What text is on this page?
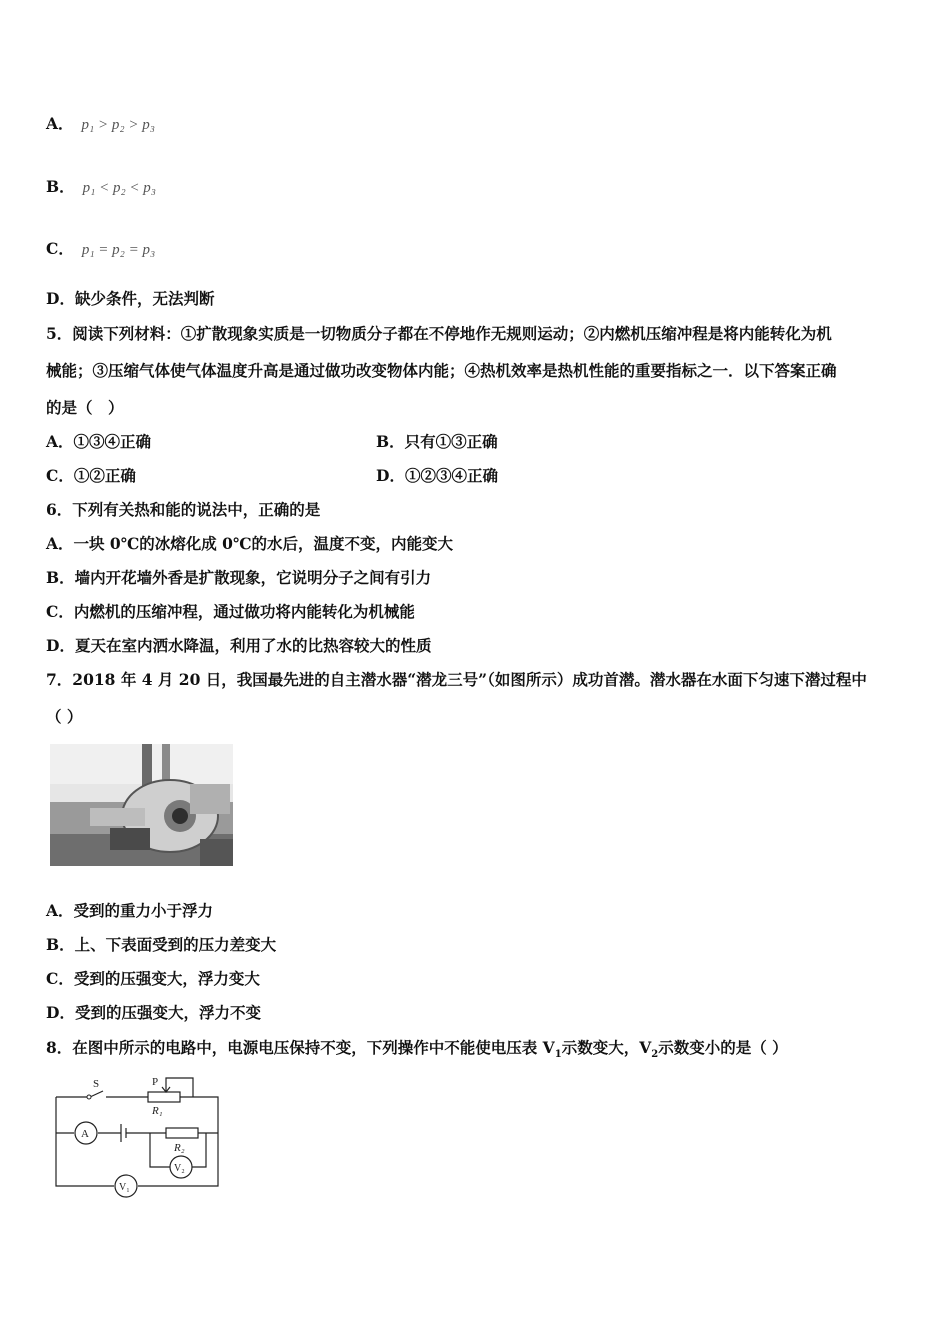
A． p₁ > p₂ > p₃
B． p₁ < p₂ < p₃
C． p₁ = p₂ = p₃
D．缺少条件，无法判断
5．阅读下列材料：①扩散现象实质是一切物质分子都在不停地作无规则运动；②内燃机压缩冲程是将内能转化为机
械能；③压缩气体使气体温度升高是通过做功改变物体内能；④热机效率是热机性能的重要指标之一．以下答案正确
的是（　）
A．①③④正确	B．只有①③正确
C．①②正确	D．①②③④正确
6．下列有关热和能的说法中，正确的是
A．一块 0℃的冰熔化成 0℃的水后，温度不变，内能变大
B．墙内开花墙外香是扩散现象，它说明分子之间有引力
C．内燃机的压缩冲程，通过做功将内能转化为机械能
D．夏天在室内洒水降温，利用了水的比热容较大的性质
7．2018 年 4 月 20 日，我国最先进的自主潜水器“潜龙三号”（如图所示）成功首潜。潜水器在水面下匀速下潜过程中
（ ）
A．受到的重力小于浮力
B．上、下表面受到的压力差变大
C．受到的压强变大，浮力变大
D．受到的压强变大，浮力不变
8．在图中所示的电路中，电源电压保持不变，下列操作中不能使电压表 $V_1$示数变大，$V_2$示数变小的是（ ）
S	P
R₁
R₂
A
V₂
V₁
